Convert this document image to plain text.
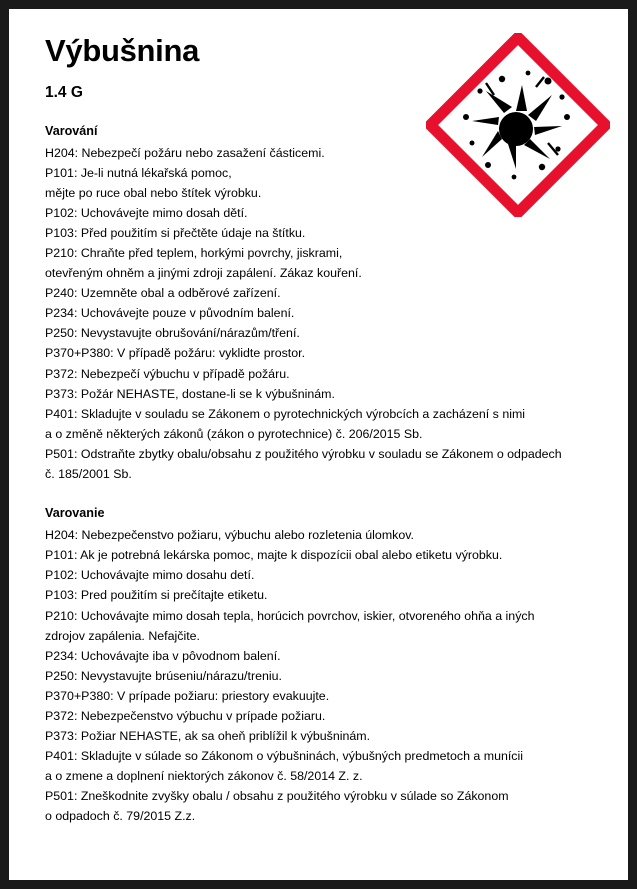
Výbušnina
1.4 G
Varování
H204: Nebezpečí požáru nebo zasažení částicemi.
P101: Je-li nutná lékařská pomoc,
mějte po ruce obal nebo štítek výrobku.
P102: Uchovávejte mimo dosah dětí.
P103: Před použitím si přečtěte údaje na štítku.
P210: Chraňte před teplem, horkými povrchy, jiskrami,
otevřeným ohněm a jinými zdroji zapálení. Zákaz kouření.
P240: Uzemněte obal a odběrové zařízení.
P234: Uchovávejte pouze v původním balení.
P250: Nevystavujte obrušování/nárazům/tření.
P370+P380: V případě požáru: vyklidte prostor.
P372: Nebezpečí výbuchu v případě požáru.
P373: Požár NEHASTE, dostane-li se k výbušninám.
P401: Skladujte v souladu se Zákonem o pyrotechnických výrobcích a zacházení s nimi
a o změně některých zákonů (zákon o pyrotechnice) č. 206/2015 Sb.
P501: Odstraňte zbytky obalu/obsahu z použitého výrobku v souladu se Zákonem o odpadech
č. 185/2001 Sb.
Varovanie
H204: Nebezpečenstvo požiaru, výbuchu alebo rozletenia úlomkov.
P101: Ak je potrebná lekárska pomoc, majte k dispozícii obal alebo etiketu výrobku.
P102: Uchovávajte mimo dosahu detí.
P103: Pred použitím si prečítajte etiketu.
P210: Uchovávajte mimo dosah tepla, horúcich povrchov, iskier, otvoreného ohňa a iných
zdrojov zapálenia. Nefajčite.
P234: Uchovávajte iba v pôvodnom balení.
P250: Nevystavujte brúseniu/nárazu/treniu.
P370+P380: V prípade požiaru: priestory evakuujte.
P372: Nebezpečenstvo výbuchu v prípade požiaru.
P373: Požiar NEHASTE, ak sa oheň priblížil k výbušninám.
P401: Skladujte v súlade so Zákonom o výbušninách, výbušných predmetoch a munícii
a o zmene a doplnení niektorých zákonov č. 58/2014 Z. z.
P501: Zneškodnite zvyšky obalu / obsahu z použitého výrobku v súlade so Zákonom
o odpadoch č. 79/2015 Z.z.
